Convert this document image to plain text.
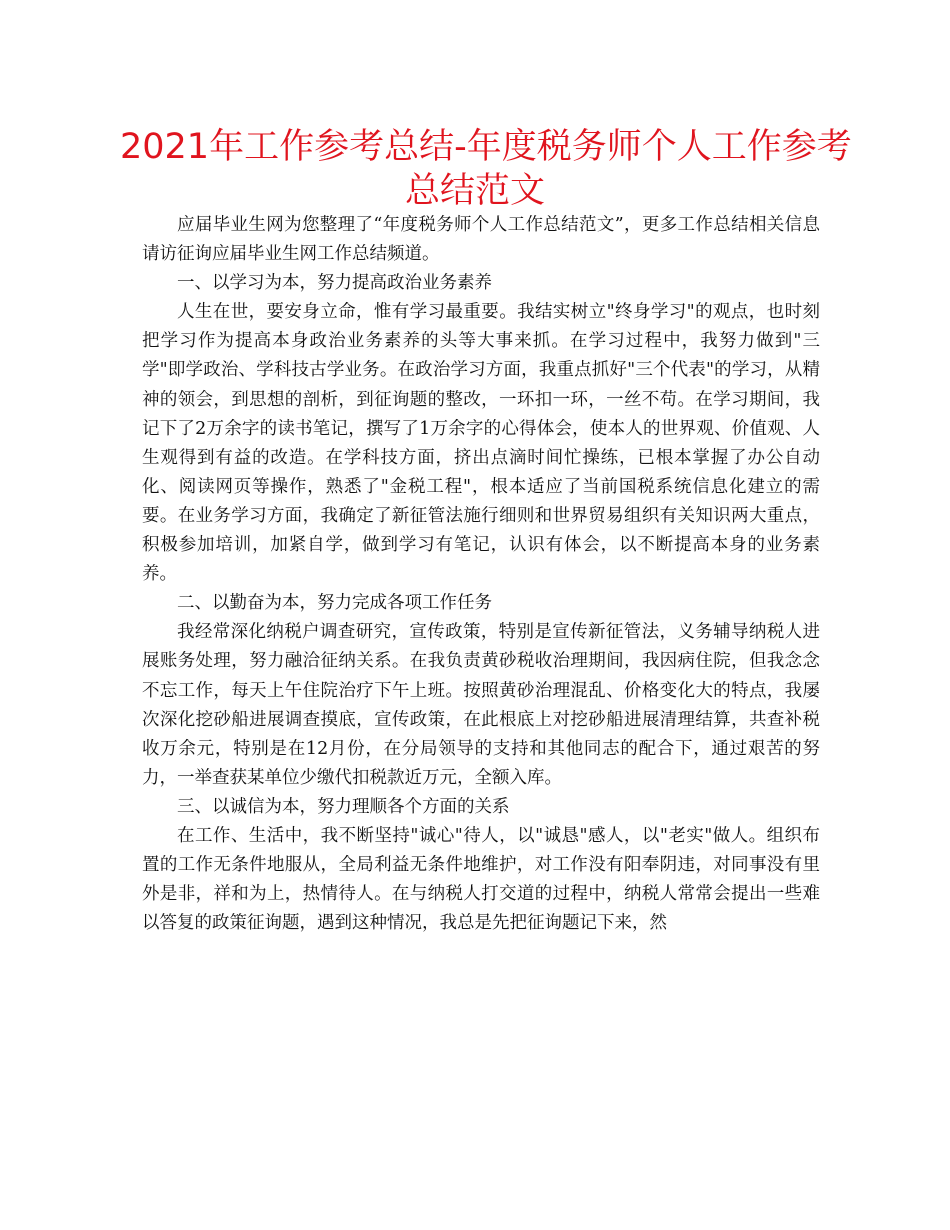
2021年工作参考总结-年度税务师个人工作参考
总结范文

应届毕业生网为您整理了“年度税务师个人工作总结范文”，更多工作总结相关信息请访征询应届毕业生网工作总结频道。

一、以学习为本，努力提高政治业务素养

人生在世，要安身立命，惟有学习最重要。我结实树立"终身学习"的观点，也时刻把学习作为提高本身政治业务素养的头等大事来抓。在学习过程中，我努力做到"三学"即学政治、学科技古学业务。在政治学习方面，我重点抓好"三个代表"的学习，从精神的领会，到思想的剖析，到征询题的整改，一环扣一环，一丝不苟。在学习期间，我记下了2万余字的读书笔记，撰写了1万余字的心得体会，使本人的世界观、价值观、人生观得到有益的改造。在学科技方面，挤出点滴时间忙操练，已根本掌握了办公自动化、阅读网页等操作，熟悉了"金税工程"，根本适应了当前国税系统信息化建立的需要。在业务学习方面，我确定了新征管法施行细则和世界贸易组织有关知识两大重点，积极参加培训，加紧自学，做到学习有笔记，认识有体会，以不断提高本身的业务素养。

二、以勤奋为本，努力完成各项工作任务

我经常深化纳税户调查研究，宣传政策，特别是宣传新征管法，义务辅导纳税人进展账务处理，努力融洽征纳关系。在我负责黄砂税收治理期间，我因病住院，但我念念不忘工作，每天上午住院治疗下午上班。按照黄砂治理混乱、价格变化大的特点，我屡次深化挖砂船进展调查摸底，宣传政策，在此根底上对挖砂船进展清理结算，共查补税收万余元，特别是在12月份，在分局领导的支持和其他同志的配合下，通过艰苦的努力，一举查获某单位少缴代扣税款近万元，全额入库。

三、以诚信为本，努力理顺各个方面的关系

在工作、生活中，我不断坚持"诚心"待人，以"诚恳"感人，以"老实"做人。组织布置的工作无条件地服从，全局利益无条件地维护，对工作没有阳奉阴违，对同事没有里外是非，祥和为上，热情待人。在与纳税人打交道的过程中，纳税人常常会提出一些难以答复的政策征询题，遇到这种情况，我总是先把征询题记下来，然
